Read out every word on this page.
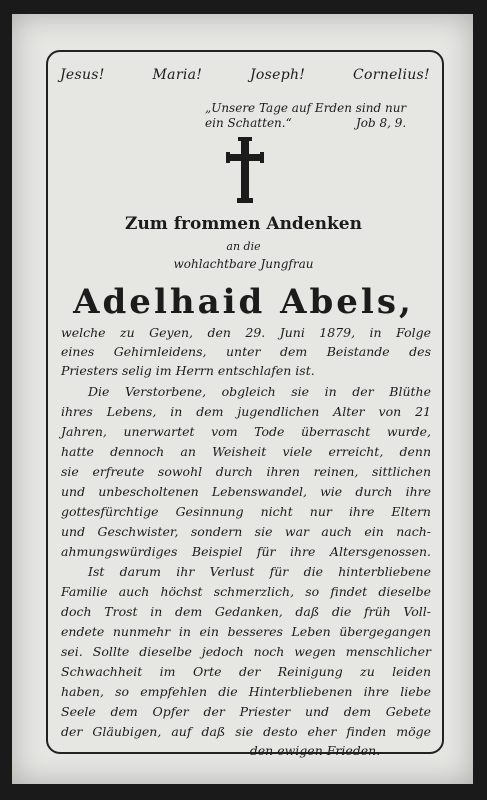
Jesus!	Maria!	Joseph!	Cornelius!
„Unsere Tage auf Erden sind nur
ein Schatten.“	Job 8, 9.
Zum frommen Andenken
an die
wohlachtbare Jungfrau
Adelhaid Abels,
welche zu Geyen, den 29. Juni 1879, in Folge
eines Gehirnleidens, unter dem Beistande des
Priesters selig im Herrn entschlafen ist.
Die Verstorbene, obgleich sie in der Blüthe
ihres Lebens, in dem jugendlichen Alter von 21
Jahren, unerwartet vom Tode überrascht wurde,
hatte dennoch an Weisheit viele erreicht, denn
sie erfreute sowohl durch ihren reinen, sittlichen
und unbescholtenen Lebenswandel, wie durch ihre
gottesfürchtige Gesinnung nicht nur ihre Eltern
und Geschwister, sondern sie war auch ein nach-
ahmungswürdiges Beispiel für ihre Altersgenossen.
Ist darum ihr Verlust für die hinterbliebene
Familie auch höchst schmerzlich, so findet dieselbe
doch Trost in dem Gedanken, daß die früh Voll-
endete nunmehr in ein besseres Leben übergegangen
sei. Sollte dieselbe jedoch noch wegen menschlicher
Schwachheit im Orte der Reinigung zu leiden
haben, so empfehlen die Hinterbliebenen ihre liebe
Seele dem Opfer der Priester und dem Gebete
der Gläubigen, auf daß sie desto eher finden möge
den ewigen Frieden.
